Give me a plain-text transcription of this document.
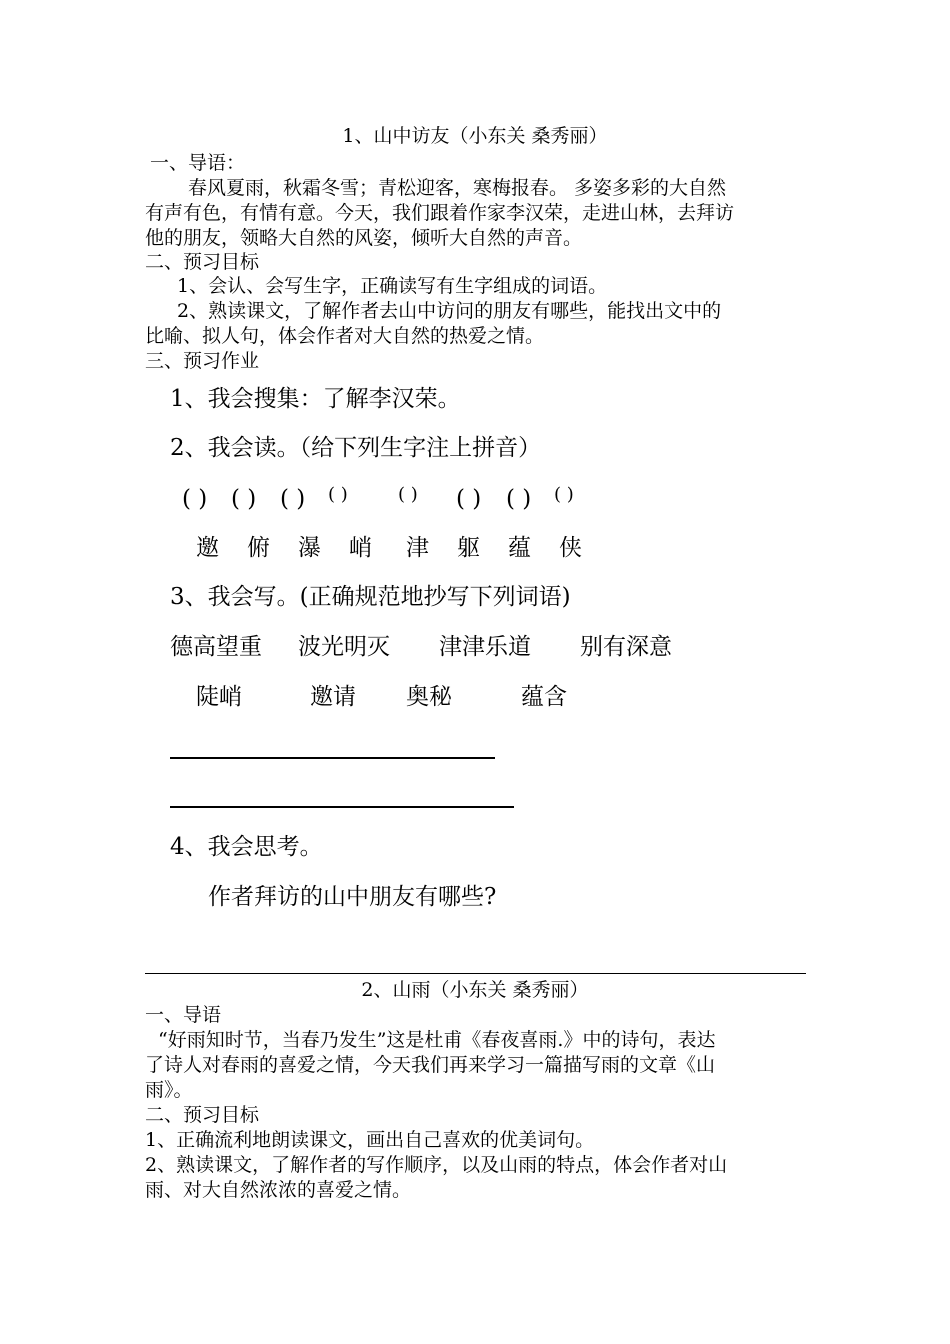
1、山中访友（小东关 桑秀丽）
一、导语：
春风夏雨，秋霜冬雪；青松迎客，寒梅报春。 多姿多彩的大自然
有声有色，有情有意。今天，我们跟着作家李汉荣，走进山林，去拜访
他的朋友，领略大自然的风姿，倾听大自然的声音。
二、预习目标
1、会认、会写生字，正确读写有生字组成的词语。
2、熟读课文，了解作者去山中访问的朋友有哪些，能找出文中的
比喻、拟人句，体会作者对大自然的热爱之情。
三、预习作业
1、我会搜集：了解李汉荣。
2、我会读。（给下列生字注上拼音）
( ) ( ) ( ) ( )	( ) ( ) ( ) ( )
邀 俯 瀑 峭 津 躯 蕴 侠
3、我会写。(正确规范地抄写下列词语)
德高望重 波光明灭 津津乐道 别有深意
陡峭	邀请 奥秘	蕴含
4、我会思考。
作者拜访的山中朋友有哪些?
2、山雨（小东关 桑秀丽）
一、导语
“好雨知时节，当春乃发生”这是杜甫《春夜喜雨.》中的诗句，表达
了诗人对春雨的喜爱之情，今天我们再来学习一篇描写雨的文章《山
雨》。
二、预习目标
1、正确流利地朗读课文，画出自己喜欢的优美词句。
2、熟读课文，了解作者的写作顺序，以及山雨的特点，体会作者对山
雨、对大自然浓浓的喜爱之情。
